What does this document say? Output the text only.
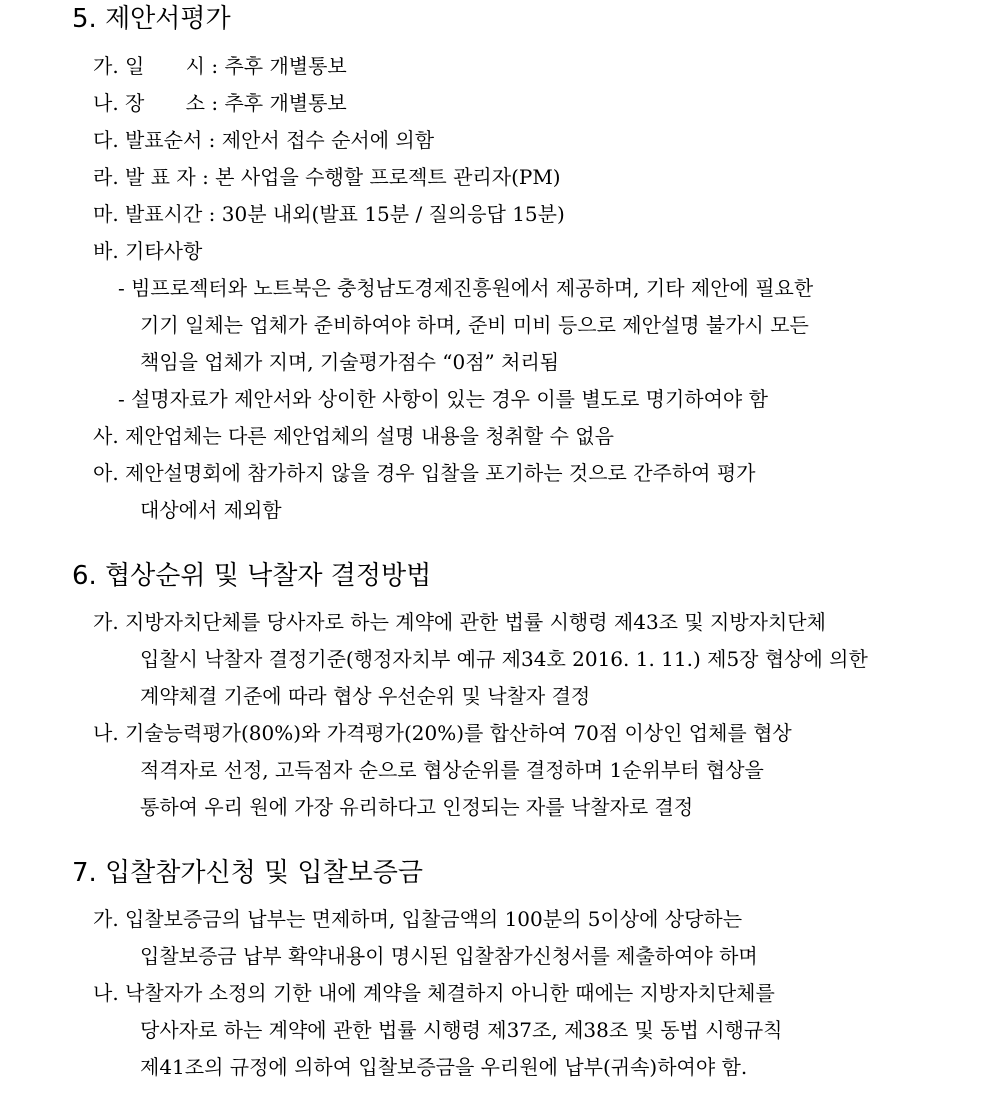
5. 제안서평가
가. 일 시 : 추후 개별통보
나. 장 소 : 추후 개별통보
다. 발표순서 : 제안서 접수 순서에 의함
라. 발 표 자 : 본 사업을 수행할 프로젝트 관리자(PM)
마. 발표시간 : 30분 내외(발표 15분 / 질의응답 15분)
바. 기타사항
- 빔프로젝터와 노트북은 충청남도경제진흥원에서 제공하며, 기타 제안에 필요한
기기 일체는 업체가 준비하여야 하며, 준비 미비 등으로 제안설명 불가시 모든
책임을 업체가 지며, 기술평가점수 “0점” 처리됨
- 설명자료가 제안서와 상이한 사항이 있는 경우 이를 별도로 명기하여야 함
사. 제안업체는 다른 제안업체의 설명 내용을 청취할 수 없음
아. 제안설명회에 참가하지 않을 경우 입찰을 포기하는 것으로 간주하여 평가
대상에서 제외함
6. 협상순위 및 낙찰자 결정방법
가. 지방자치단체를 당사자로 하는 계약에 관한 법률 시행령 제43조 및 지방자치단체
입찰시 낙찰자 결정기준(행정자치부 예규 제34호 2016. 1. 11.) 제5장 협상에 의한
계약체결 기준에 따라 협상 우선순위 및 낙찰자 결정
나. 기술능력평가(80%)와 가격평가(20%)를 합산하여 70점 이상인 업체를 협상
적격자로 선정, 고득점자 순으로 협상순위를 결정하며 1순위부터 협상을
통하여 우리 원에 가장 유리하다고 인정되는 자를 낙찰자로 결정
7. 입찰참가신청 및 입찰보증금
가. 입찰보증금의 납부는 면제하며, 입찰금액의 100분의 5이상에 상당하는
입찰보증금 납부 확약내용이 명시된 입찰참가신청서를 제출하여야 하며
나. 낙찰자가 소정의 기한 내에 계약을 체결하지 아니한 때에는 지방자치단체를
당사자로 하는 계약에 관한 법률 시행령 제37조, 제38조 및 동법 시행규칙
제41조의 규정에 의하여 입찰보증금을 우리원에 납부(귀속)하여야 함.
